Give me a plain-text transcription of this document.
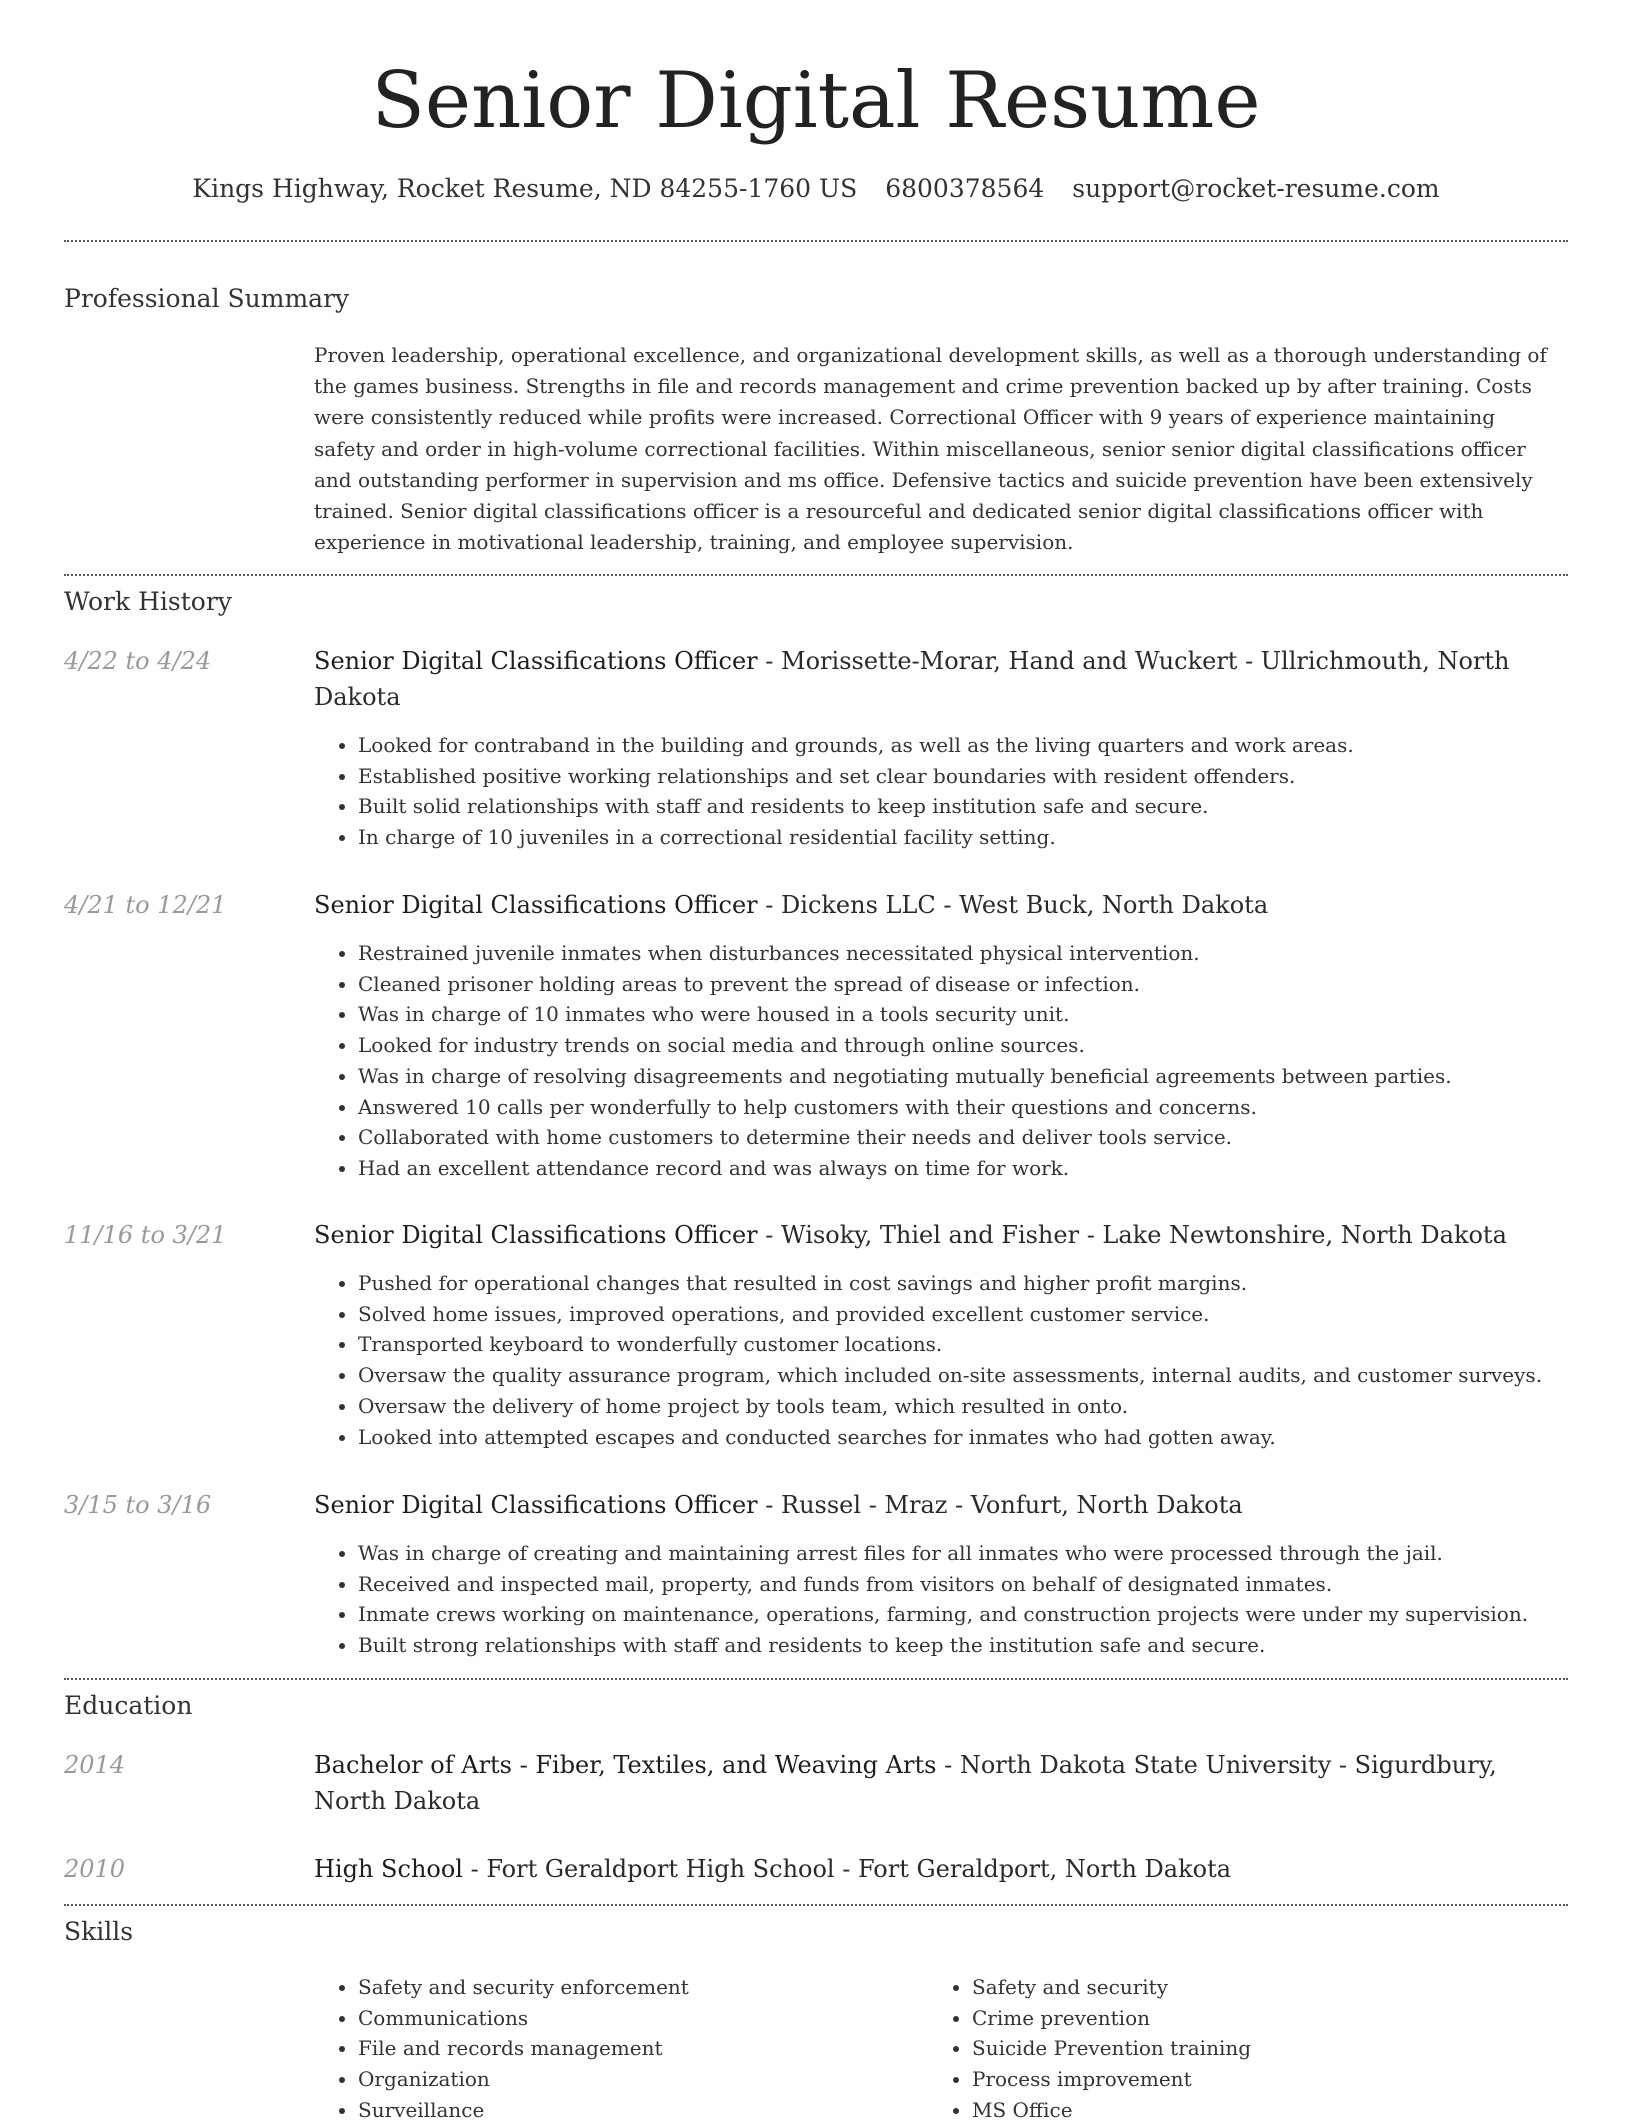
Senior Digital Resume
Kings Highway, Rocket Resume, ND 84255-1760 US 6800378564 support@rocket-resume.com
Professional Summary

Proven leadership, operational excellence, and organizational development skills, as well as a thorough understanding of the games business. Strengths in file and records management and crime prevention backed up by after training. Costs were consistently reduced while profits were increased. Correctional Officer with 9 years of experience maintaining safety and order in high-volume correctional facilities. Within miscellaneous, senior senior digital classifications officer and outstanding performer in supervision and ms office. Defensive tactics and suicide prevention have been extensively trained. Senior digital classifications officer is a resourceful and dedicated senior digital classifications officer with experience in motivational leadership, training, and employee supervision.

Work History
4/22 to 4/24	Senior Digital Classifications Officer - Morissette-Morar, Hand and Wuckert - Ullrichmouth, North Dakota
• Looked for contraband in the building and grounds, as well as the living quarters and work areas.
• Established positive working relationships and set clear boundaries with resident offenders.
• Built solid relationships with staff and residents to keep institution safe and secure.
• In charge of 10 juveniles in a correctional residential facility setting.
4/21 to 12/21	Senior Digital Classifications Officer - Dickens LLC - West Buck, North Dakota
• Restrained juvenile inmates when disturbances necessitated physical intervention.
• Cleaned prisoner holding areas to prevent the spread of disease or infection.
• Was in charge of 10 inmates who were housed in a tools security unit.
• Looked for industry trends on social media and through online sources.
• Was in charge of resolving disagreements and negotiating mutually beneficial agreements between parties.
• Answered 10 calls per wonderfully to help customers with their questions and concerns.
• Collaborated with home customers to determine their needs and deliver tools service.
• Had an excellent attendance record and was always on time for work.
11/16 to 3/21	Senior Digital Classifications Officer - Wisoky, Thiel and Fisher - Lake Newtonshire, North Dakota
• Pushed for operational changes that resulted in cost savings and higher profit margins.
• Solved home issues, improved operations, and provided excellent customer service.
• Transported keyboard to wonderfully customer locations.
• Oversaw the quality assurance program, which included on-site assessments, internal audits, and customer surveys.
• Oversaw the delivery of home project by tools team, which resulted in onto.
• Looked into attempted escapes and conducted searches for inmates who had gotten away.
3/15 to 3/16	Senior Digital Classifications Officer - Russel - Mraz - Vonfurt, North Dakota
• Was in charge of creating and maintaining arrest files for all inmates who were processed through the jail.
• Received and inspected mail, property, and funds from visitors on behalf of designated inmates.
• Inmate crews working on maintenance, operations, farming, and construction projects were under my supervision.
• Built strong relationships with staff and residents to keep the institution safe and secure.
Education
2014	Bachelor of Arts - Fiber, Textiles, and Weaving Arts - North Dakota State University - Sigurdbury, North Dakota
2010	High School - Fort Geraldport High School - Fort Geraldport, North Dakota
Skills
• Safety and security enforcement
• Communications
• File and records management
• Organization
• Surveillance
• Safety and security
• Crime prevention
• Suicide Prevention training
• Process improvement
• MS Office
